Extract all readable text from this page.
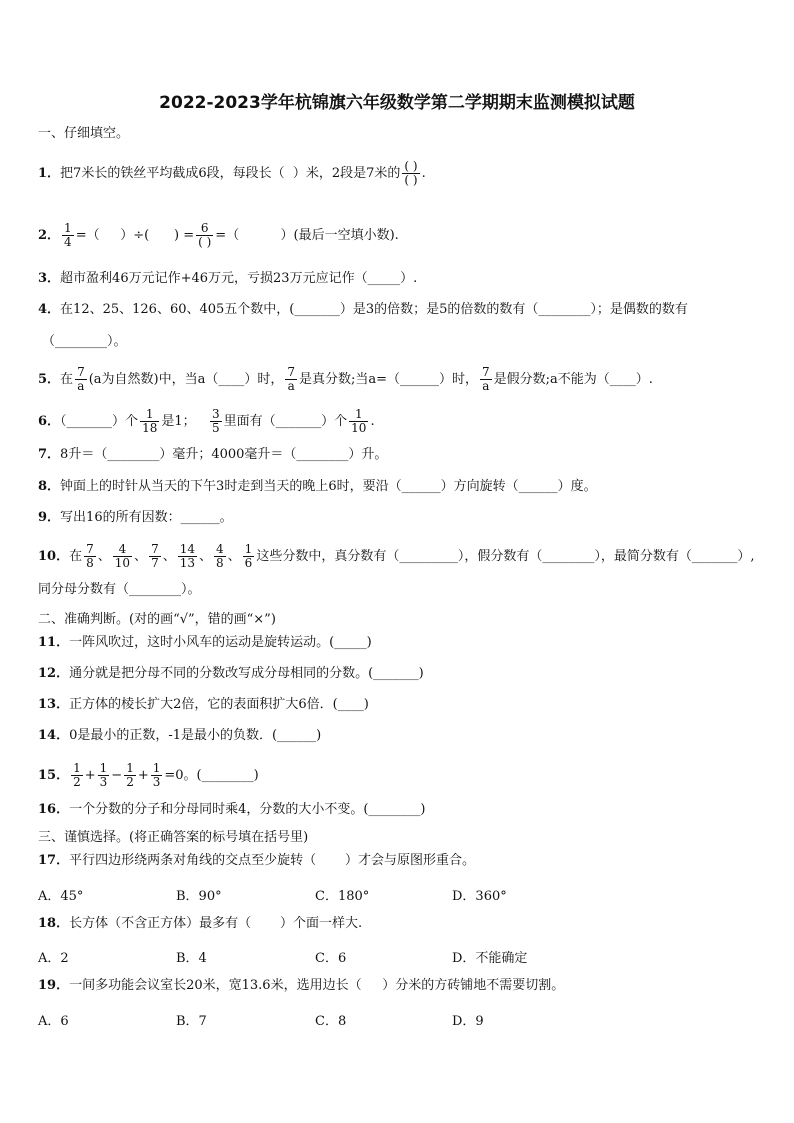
2022-2023学年杭锦旗六年级数学第二学期期末监测模拟试题
一、仔细填空。
1．把7米长的铁丝平均截成6段，每段长（  ）米，2段是7米的 $\frac{( )}{( )}$ .
2． $\frac{1}{4}$ =（     ）÷(      ) = $\frac{6}{( )}$ =（          ）(最后一空填小数).
3．超市盈利46万元记作+46万元，亏损23万元应记作（_____）.
4．在12、25、126、60、405五个数中，(_______）是3的倍数；是5的倍数的数有（________）；是偶数的数有
（________）。
5．在 $\frac{7}{a} (a$为自然数)中，当a（____）时， $\frac{7}{a}$ 是真分数;当a=（______）时， $\frac{7}{a}$ 是假分数;a不能为（____）.
6．（_______）个 $\frac{1}{18}$ 是1； $\frac{3}{5}$ 里面有（_______）个 $\frac{1}{10}$ .
7．8升＝（________）毫升；4000毫升＝（________）升。
8．钟面上的时针从当天的下午3时走到当天的晚上6时，要沿（______）方向旋转（______）度。
9．写出16的所有因数：______。
10．在 $\frac{7}{8}$ 、 $\frac{4}{10}$ 、 $\frac{7}{7}$ 、 $\frac{14}{13}$ 、 $\frac{4}{8}$ 、 $\frac{1}{6}$ 这些分数中，真分数有（_________），假分数有（________），最简分数有（_______）,
同分母分数有（________）。
二、准确判断。(对的画“√”，错的画“×”)
11．一阵风吹过，这时小风车的运动是旋转运动。(_____)
12．通分就是把分母不同的分数改写成分母相同的分数。(_______)
13．正方体的棱长扩大2倍，它的表面积扩大6倍．(____)
14．0是最小的正数，-1是最小的负数．(______)
15． $\frac{1}{2} + \frac{1}{3} - \frac{1}{2} + \frac{1}{3} =0$。(________)
16．一个分数的分子和分母同时乘4，分数的大小不变。(________)
三、谨慎选择。(将正确答案的标号填在括号里)
17．平行四边形绕两条对角线的交点至少旋转（       ）才会与原图形重合。
A．45°	B．90°	C．180°	D．360°
18．长方体（不含正方体）最多有（       ）个面一样大.
A．2	B．4	C．6	D．不能确定
19．一间多功能会议室长20米，宽13.6米，选用边长（     ）分米的方砖铺地不需要切割。
A．6	B．7	C．8	D．9
